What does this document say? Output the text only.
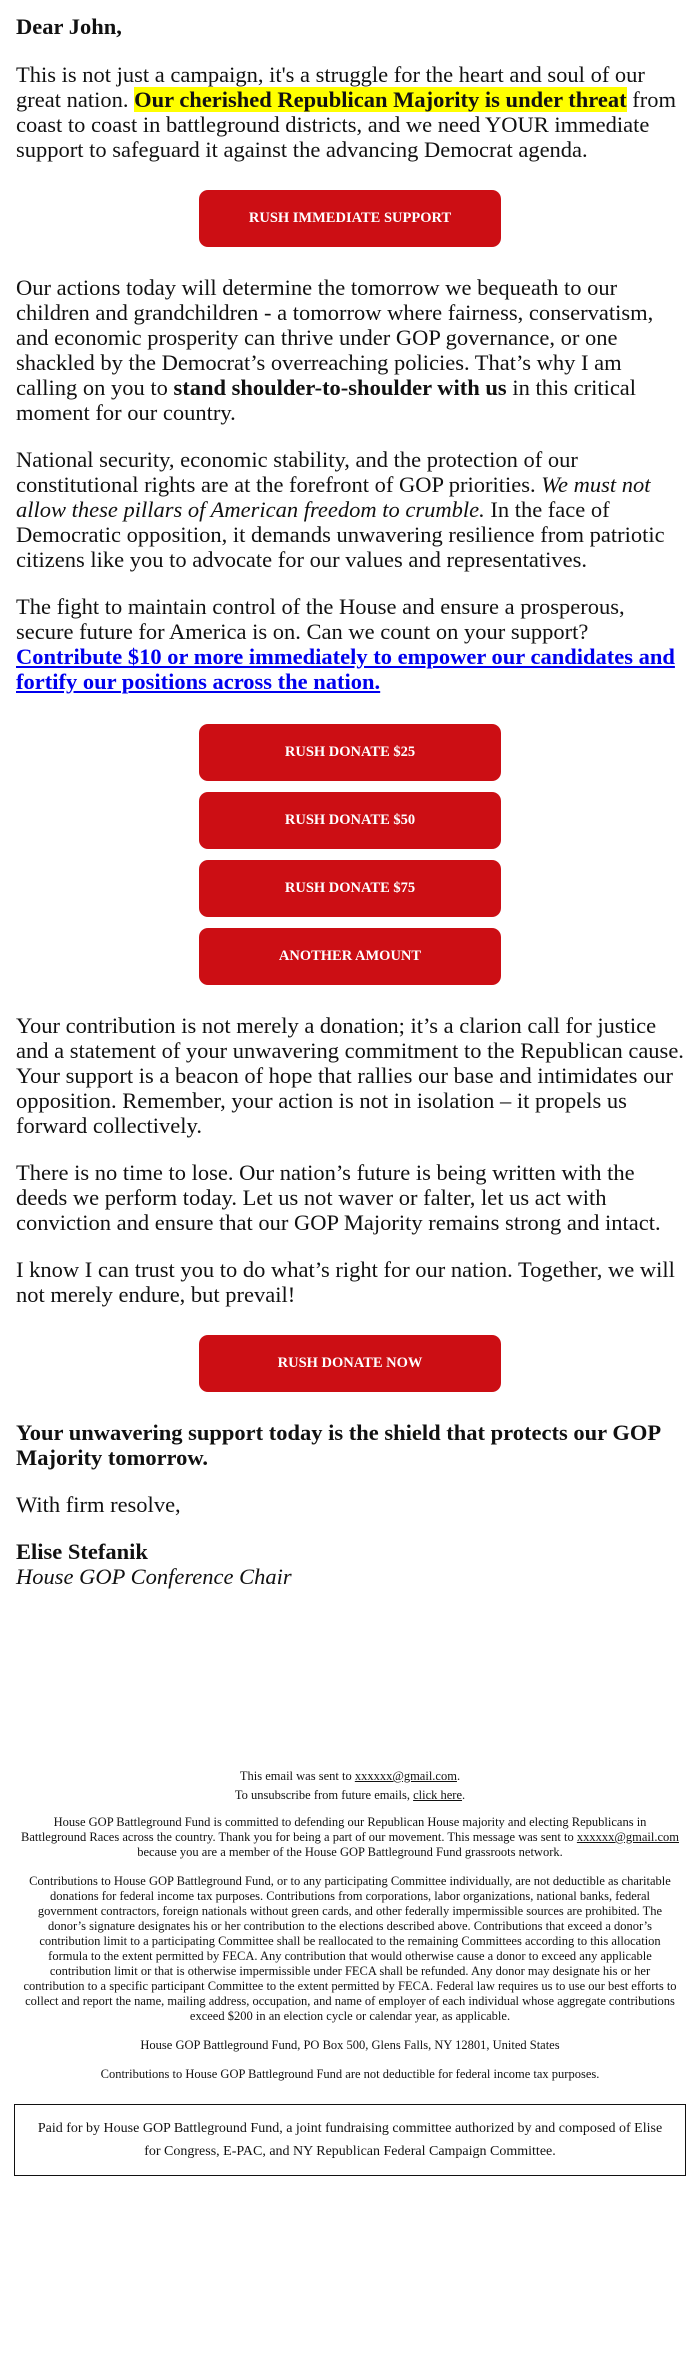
Dear John,

This is not just a campaign, it's a struggle for the heart and soul of our great nation. Our cherished Republican Majority is under threat from coast to coast in battleground districts, and we need YOUR immediate support to safeguard it against the advancing Democrat agenda.

RUSH IMMEDIATE SUPPORT

Our actions today will determine the tomorrow we bequeath to our children and grandchildren - a tomorrow where fairness, conservatism, and economic prosperity can thrive under GOP governance, or one shackled by the Democrat’s overreaching policies. That’s why I am calling on you to stand shoulder-to-shoulder with us in this critical moment for our country.

National security, economic stability, and the protection of our constitutional rights are at the forefront of GOP priorities. We must not allow these pillars of American freedom to crumble. In the face of Democratic opposition, it demands unwavering resilience from patriotic citizens like you to advocate for our values and representatives.

The fight to maintain control of the House and ensure a prosperous, secure future for America is on. Can we count on your support? Contribute $10 or more immediately to empower our candidates and fortify our positions across the nation.

RUSH DONATE $25
RUSH DONATE $50
RUSH DONATE $75
ANOTHER AMOUNT

Your contribution is not merely a donation; it’s a clarion call for justice and a statement of your unwavering commitment to the Republican cause. Your support is a beacon of hope that rallies our base and intimidates our opposition. Remember, your action is not in isolation – it propels us forward collectively.

There is no time to lose. Our nation’s future is being written with the deeds we perform today. Let us not waver or falter, let us act with conviction and ensure that our GOP Majority remains strong and intact.

I know I can trust you to do what’s right for our nation. Together, we will not merely endure, but prevail!

RUSH DONATE NOW

Your unwavering support today is the shield that protects our GOP Majority tomorrow.

With firm resolve,

Elise Stefanik
House GOP Conference Chair

This email was sent to xxxxxx@gmail.com.
To unsubscribe from future emails, click here.

House GOP Battleground Fund is committed to defending our Republican House majority and electing Republicans in Battleground Races across the country. Thank you for being a part of our movement. This message was sent to xxxxxx@gmail.com because you are a member of the House GOP Battleground Fund grassroots network.

Contributions to House GOP Battleground Fund, or to any participating Committee individually, are not deductible as charitable donations for federal income tax purposes. Contributions from corporations, labor organizations, national banks, federal government contractors, foreign nationals without green cards, and other federally impermissible sources are prohibited. The donor’s signature designates his or her contribution to the elections described above. Contributions that exceed a donor’s contribution limit to a participating Committee shall be reallocated to the remaining Committees according to this allocation formula to the extent permitted by FECA. Any contribution that would otherwise cause a donor to exceed any applicable contribution limit or that is otherwise impermissible under FECA shall be refunded. Any donor may designate his or her contribution to a specific participant Committee to the extent permitted by FECA. Federal law requires us to use our best efforts to collect and report the name, mailing address, occupation, and name of employer of each individual whose aggregate contributions exceed $200 in an election cycle or calendar year, as applicable.

House GOP Battleground Fund, PO Box 500, Glens Falls, NY 12801, United States

Contributions to House GOP Battleground Fund are not deductible for federal income tax purposes.

Paid for by House GOP Battleground Fund, a joint fundraising committee authorized by and composed of Elise for Congress, E-PAC, and NY Republican Federal Campaign Committee.
